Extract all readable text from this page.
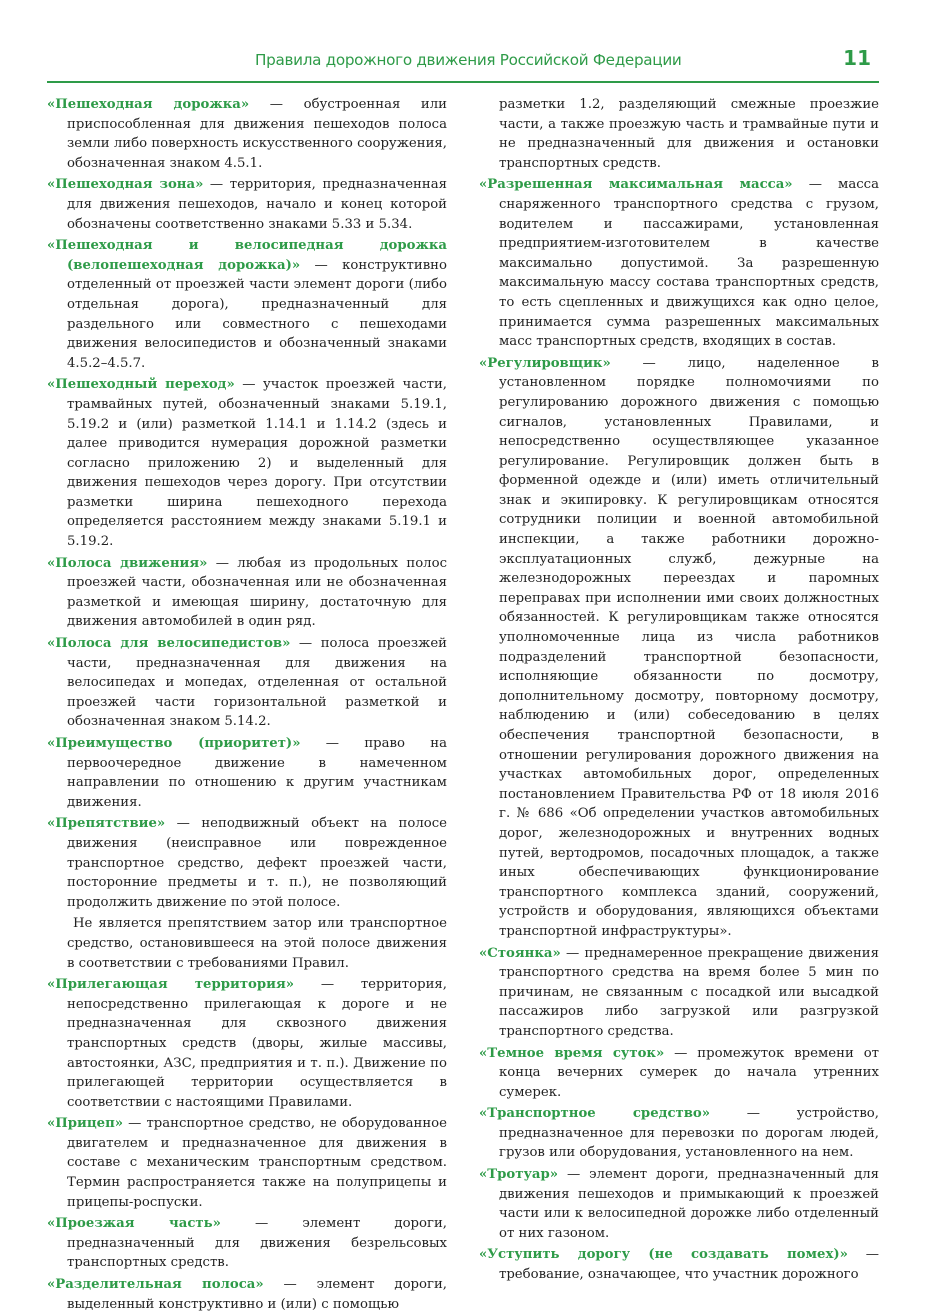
Правила дорожного движения Российской Федерации	11

«Пешеходная дорожка» — обустроенная или приспособленная для движения пешеходов полоса земли либо поверхность искусственного сооружения, обозначенная знаком 4.5.1.

«Пешеходная зона» — территория, предназначенная для движения пешеходов, начало и конец которой обозначены соответственно знаками 5.33 и 5.34.

«Пешеходная и велосипедная дорожка (велопешеходная дорожка)» — конструктивно отделенный от проезжей части элемент дороги (либо отдельная дорога), предназначенный для раздельного или совместного с пешеходами движения велосипедистов и обозначенный знаками 4.5.2–4.5.7.

«Пешеходный переход» — участок проезжей части, трамвайных путей, обозначенный знаками 5.19.1, 5.19.2 и (или) разметкой 1.14.1 и 1.14.2 (здесь и далее приводится нумерация дорожной разметки согласно приложению 2) и выделенный для движения пешеходов через дорогу. При отсутствии разметки ширина пешеходного перехода определяется расстоянием между знаками 5.19.1 и 5.19.2.

«Полоса движения» — любая из продольных полос проезжей части, обозначенная или не обозначенная разметкой и имеющая ширину, достаточную для движения автомобилей в один ряд.

«Полоса для велосипедистов» — полоса проезжей части, предназначенная для движения на велосипедах и мопедах, отделенная от остальной проезжей части горизонтальной разметкой и обозначенная знаком 5.14.2.

«Преимущество (приоритет)» — право на первоочередное движение в намеченном направлении по отношению к другим участникам движения.

«Препятствие» — неподвижный объект на полосе движения (неисправное или поврежденное транспортное средство, дефект проезжей части, посторонние предметы и т. п.), не позволяющий продолжить движение по этой полосе.

Не является препятствием затор или транспортное средство, остановившееся на этой полосе движения в соответствии с требованиями Правил.

«Прилегающая территория» — территория, непосредственно прилегающая к дороге и не предназначенная для сквозного движения транспортных средств (дворы, жилые массивы, автостоянки, АЗС, предприятия и т. п.). Движение по прилегающей территории осуществляется в соответствии с настоящими Правилами.

«Прицеп» — транспортное средство, не оборудованное двигателем и предназначенное для движения в составе с механическим транспортным средством. Термин распространяется также на полуприцепы и прицепы-роспуски.

«Проезжая часть» — элемент дороги, предназначенный для движения безрельсовых транспортных средств.

«Разделительная полоса» — элемент дороги, выделенный конструктивно и (или) с помощью

разметки 1.2, разделяющий смежные проезжие части, а также проезжую часть и трамвайные пути и не предназначенный для движения и остановки транспортных средств.

«Разрешенная максимальная масса» — масса снаряженного транспортного средства с грузом, водителем и пассажирами, установленная предприятием-изготовителем в качестве максимально допустимой. За разрешенную максимальную массу состава транспортных средств, то есть сцепленных и движущихся как одно целое, принимается сумма разрешенных максимальных масс транспортных средств, входящих в состав.

«Регулировщик» — лицо, наделенное в установленном порядке полномочиями по регулированию дорожного движения с помощью сигналов, установленных Правилами, и непосредственно осуществляющее указанное регулирование. Регулировщик должен быть в форменной одежде и (или) иметь отличительный знак и экипировку. К регулировщикам относятся сотрудники полиции и военной автомобильной инспекции, а также работники дорожно-эксплуатационных служб, дежурные на железнодорожных переездах и паромных переправах при исполнении ими своих должностных обязанностей. К регулировщикам также относятся уполномоченные лица из числа работников подразделений транспортной безопасности, исполняющие обязанности по досмотру, дополнительному досмотру, повторному досмотру, наблюдению и (или) собеседованию в целях обеспечения транспортной безопасности, в отношении регулирования дорожного движения на участках автомобильных дорог, определенных постановлением Правительства РФ от 18 июля 2016 г. № 686 «Об определении участков автомобильных дорог, железнодорожных и внутренних водных путей, вертодромов, посадочных площадок, а также иных обеспечивающих функционирование транспортного комплекса зданий, сооружений, устройств и оборудования, являющихся объектами транспортной инфраструктуры».

«Стоянка» — преднамеренное прекращение движения транспортного средства на время более 5 мин по причинам, не связанным с посадкой или высадкой пассажиров либо загрузкой или разгрузкой транспортного средства.

«Темное время суток» — промежуток времени от конца вечерних сумерек до начала утренних сумерек.

«Транспортное средство» — устройство, предназначенное для перевозки по дорогам людей, грузов или оборудования, установленного на нем.

«Тротуар» — элемент дороги, предназначенный для движения пешеходов и примыкающий к проезжей части или к велосипедной дорожке либо отделенный от них газоном.

«Уступить дорогу (не создавать помех)» — требование, означающее, что участник дорожного
